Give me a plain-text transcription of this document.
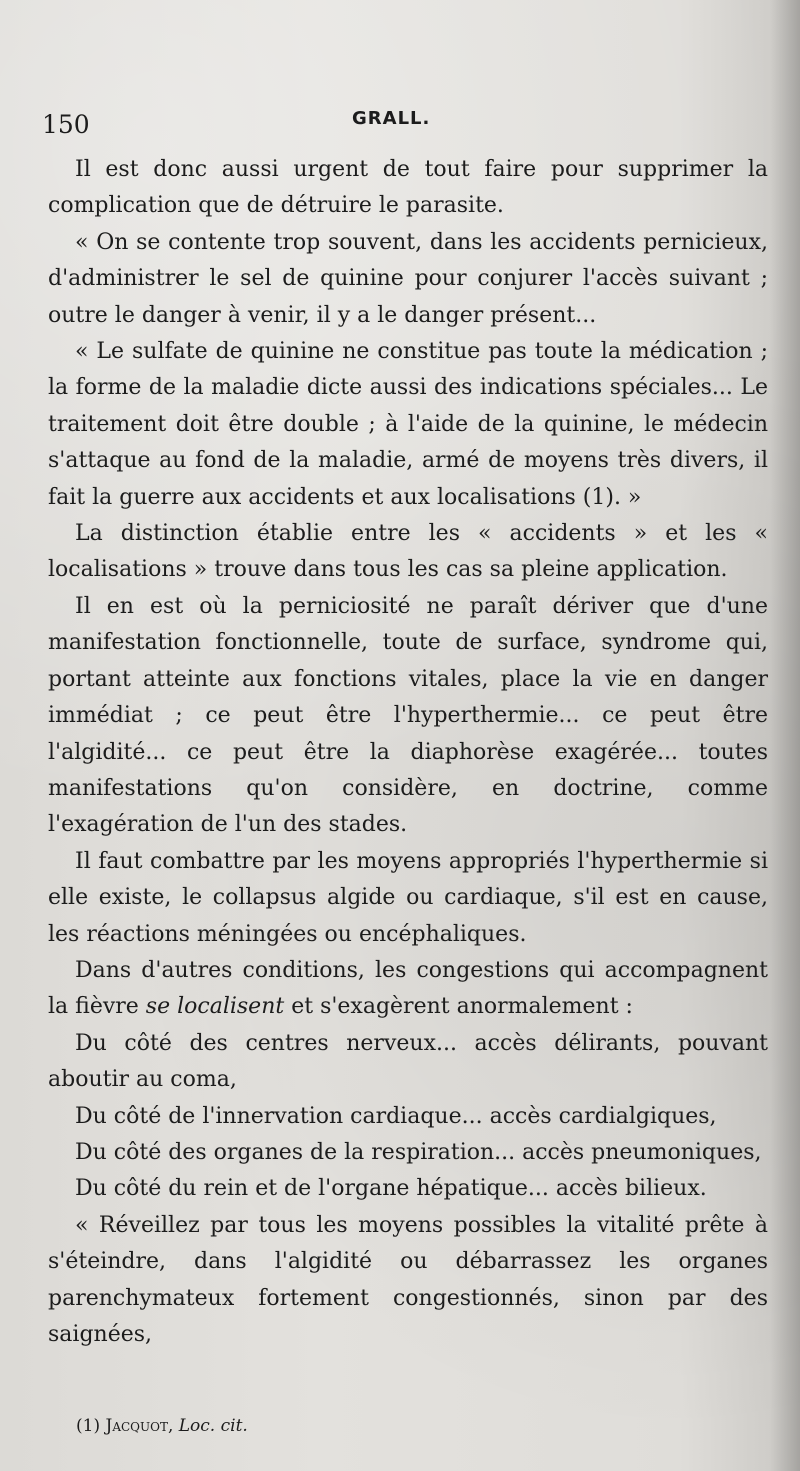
150	GRALL.

Il est donc aussi urgent de tout faire pour supprimer la complication que de détruire le parasite.

« On se contente trop souvent, dans les accidents pernicieux, d'administrer le sel de quinine pour conjurer l'accès suivant ; outre le danger à venir, il y a le danger présent...

« Le sulfate de quinine ne constitue pas toute la médication ; la forme de la maladie dicte aussi des indications spéciales... Le traitement doit être double ; à l'aide de la quinine, le médecin s'attaque au fond de la maladie, armé de moyens très divers, il fait la guerre aux accidents et aux localisations (1). »

La distinction établie entre les « accidents » et les « localisations » trouve dans tous les cas sa pleine application.

Il en est où la perniciosité ne paraît dériver que d'une manifestation fonctionnelle, toute de surface, syndrome qui, portant atteinte aux fonctions vitales, place la vie en danger immédiat ; ce peut être l'hyperthermie... ce peut être l'algidité... ce peut être la diaphorèse exagérée... toutes manifestations qu'on considère, en doctrine, comme l'exagération de l'un des stades.

Il faut combattre par les moyens appropriés l'hyperthermie si elle existe, le collapsus algide ou cardiaque, s'il est en cause, les réactions méningées ou encéphaliques.

Dans d'autres conditions, les congestions qui accompagnent la fièvre se localisent et s'exagèrent anormalement :

Du côté des centres nerveux... accès délirants, pouvant aboutir au coma,

Du côté de l'innervation cardiaque... accès cardialgiques,

Du côté des organes de la respiration... accès pneumoniques,

Du côté du rein et de l'organe hépatique... accès bilieux.

« Réveillez par tous les moyens possibles la vitalité prête à s'éteindre, dans l'algidité ou débarrassez les organes parenchymateux fortement congestionnés, sinon par des saignées,

(1) Jacquot, Loc. cit.
